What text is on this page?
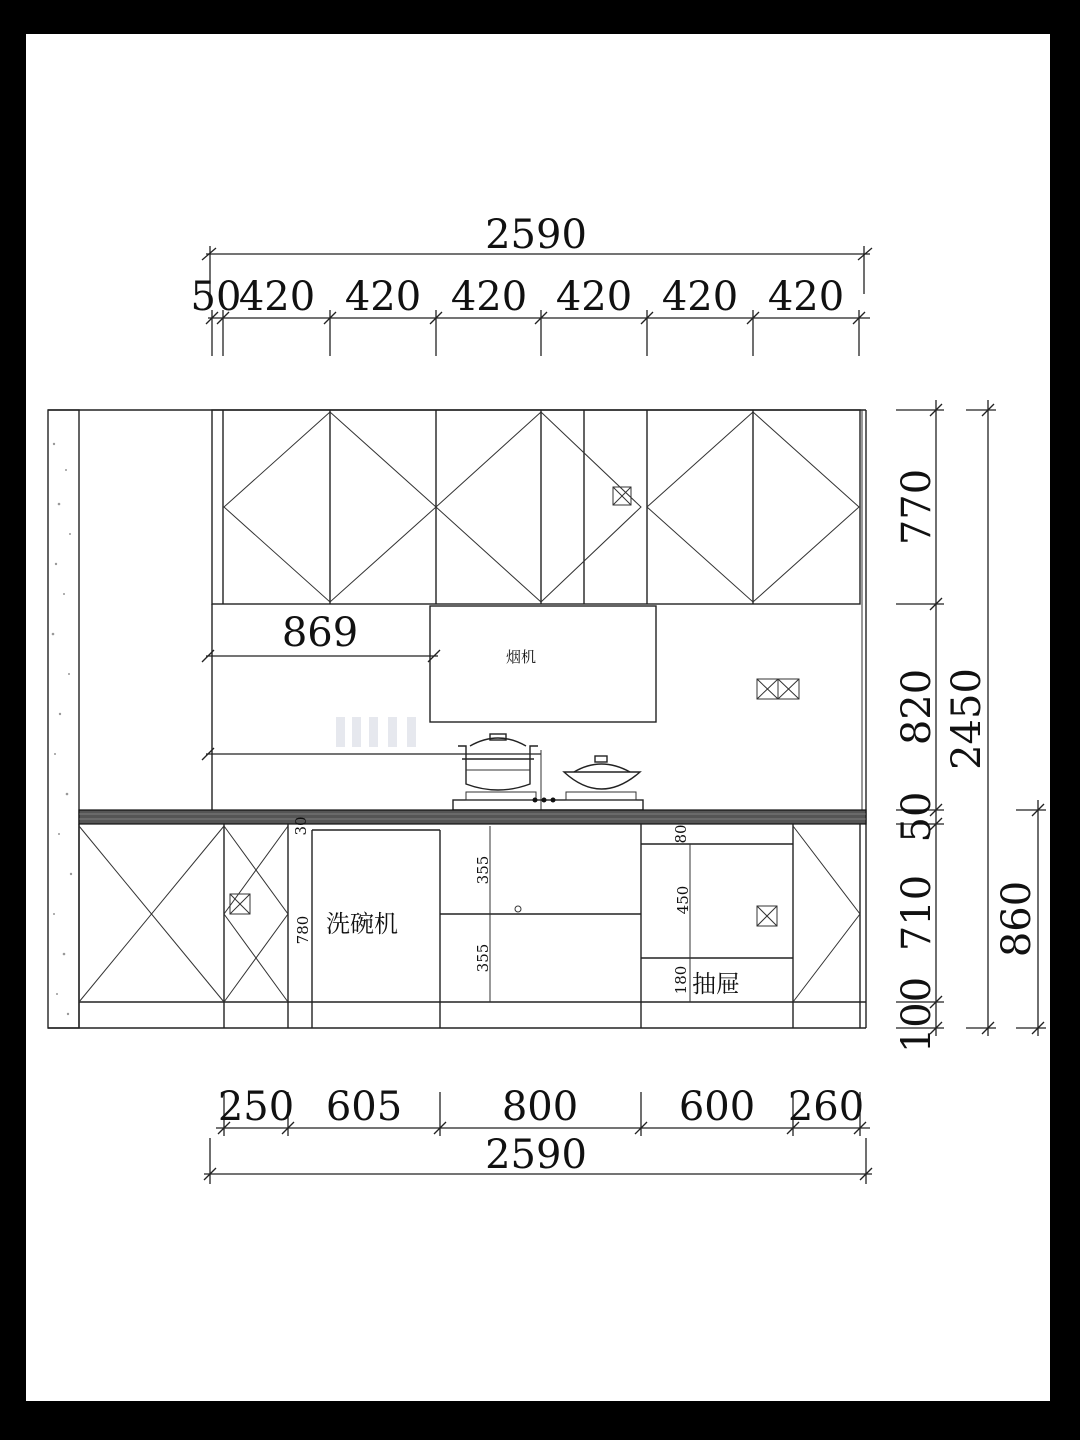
2590
50
420 420 420 420 420 420
869
烟机
洗碗机
抽屉
30
780
355
355
80
450
180
770
820
50
710
100
2450
860
250 605 800	600 260
2590
